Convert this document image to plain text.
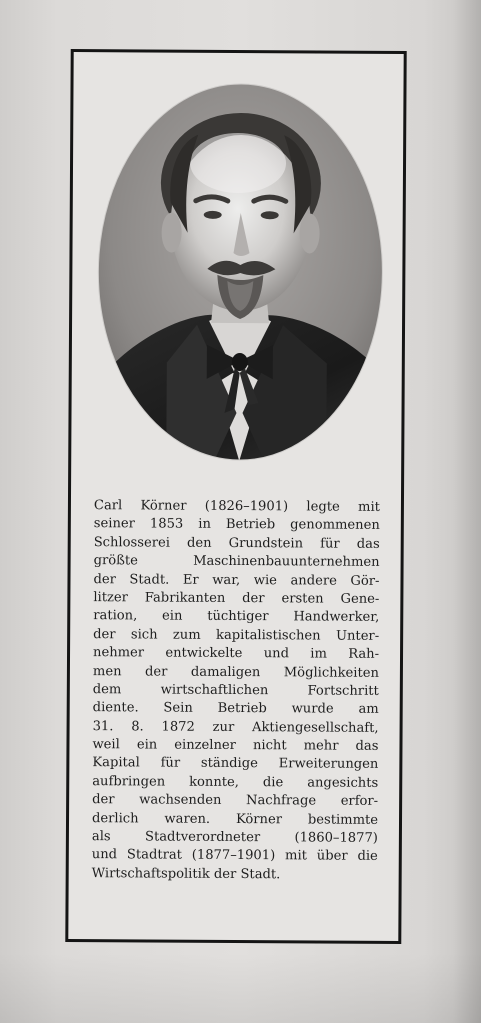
Carl Körner (1826–1901) legte mit
seiner 1853 in Betrieb genommenen
Schlosserei den Grundstein für das
größte Maschinenbauunternehmen
der Stadt. Er war, wie andere Gör-
litzer Fabrikanten der ersten Gene-
ration, ein tüchtiger Handwerker,
der sich zum kapitalistischen Unter-
nehmer entwickelte und im Rah-
men der damaligen Möglichkeiten
dem wirtschaftlichen Fortschritt
diente. Sein Betrieb wurde am
31. 8. 1872 zur Aktiengesellschaft,
weil ein einzelner nicht mehr das
Kapital für ständige Erweiterungen
aufbringen konnte, die angesichts
der wachsenden Nachfrage erfor-
derlich waren. Körner bestimmte
als Stadtverordneter (1860–1877)
und Stadtrat (1877–1901) mit über die
Wirtschaftspolitik der Stadt.
